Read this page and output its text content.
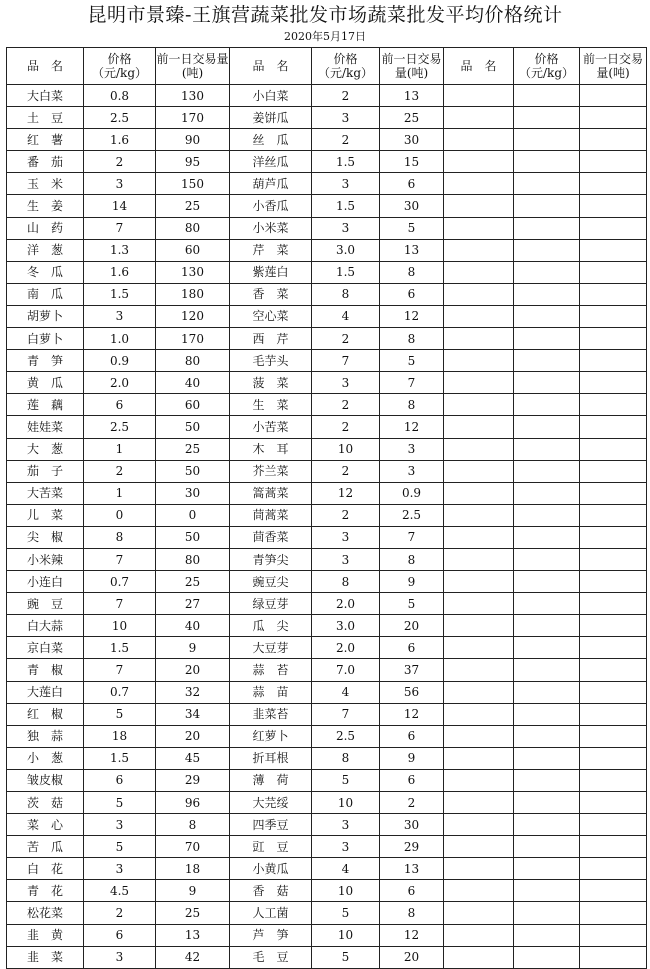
昆明市景臻-王旗营蔬菜批发市场蔬菜批发平均价格统计
2020年5月17日
品　名	价格（元/kg）	前一日交易量(吨)	品　名	价格（元/kg）	前一日交易量(吨)	品　名	价格（元/kg）	前一日交易量(吨)
大白菜	0.8	130	小白菜	2	13			
土　豆	2.5	170	姜饼瓜	3	25			
红　薯	1.6	90	丝　瓜	2	30			
番　茄	2	95	洋丝瓜	1.5	15			
玉　米	3	150	葫芦瓜	3	6			
生　姜	14	25	小香瓜	1.5	30			
山　药	7	80	小米菜	3	5			
洋　葱	1.3	60	芹　菜	3.0	13			
冬　瓜	1.6	130	紫莲白	1.5	8			
南　瓜	1.5	180	香　菜	8	6			
胡萝卜	3	120	空心菜	4	12			
白萝卜	1.0	170	西　芹	2	8			
青　笋	0.9	80	毛芋头	7	5			
黄　瓜	2.0	40	菠　菜	3	7			
莲　藕	6	60	生　菜	2	8			
娃娃菜	2.5	50	小苦菜	2	12			
大　葱	1	25	木　耳	10	3			
茄　子	2	50	芥兰菜	2	3			
大苦菜	1	30	篙蒿菜	12	0.9			
儿　菜	0	0	茼蒿菜	2	2.5			
尖　椒	8	50	茴香菜	3	7			
小米辣	7	80	青笋尖	3	8			
小连白	0.7	25	豌豆尖	8	9			
豌　豆	7	27	绿豆芽	2.0	5			
白大蒜	10	40	瓜　尖	3.0	20			
京白菜	1.5	9	大豆芽	2.0	6			
青　椒	7	20	蒜　苔	7.0	37			
大莲白	0.7	32	蒜　苗	4	56			
红　椒	5	34	韭菜苔	7	12			
独　蒜	18	20	红萝卜	2.5	6			
小　葱	1.5	45	折耳根	8	9			
皱皮椒	6	29	薄　荷	5	6			
茨　菇	5	96	大芫绥	10	2			
菜　心	3	8	四季豆	3	30			
苦　瓜	5	70	豇　豆	3	29			
白　花	3	18	小黄瓜	4	13			
青　花	4.5	9	香　菇	10	6			
松花菜	2	25	人工菌	5	8			
韭　黄	6	13	芦　笋	10	12			
韭　菜	3	42	毛　豆	5	20			
